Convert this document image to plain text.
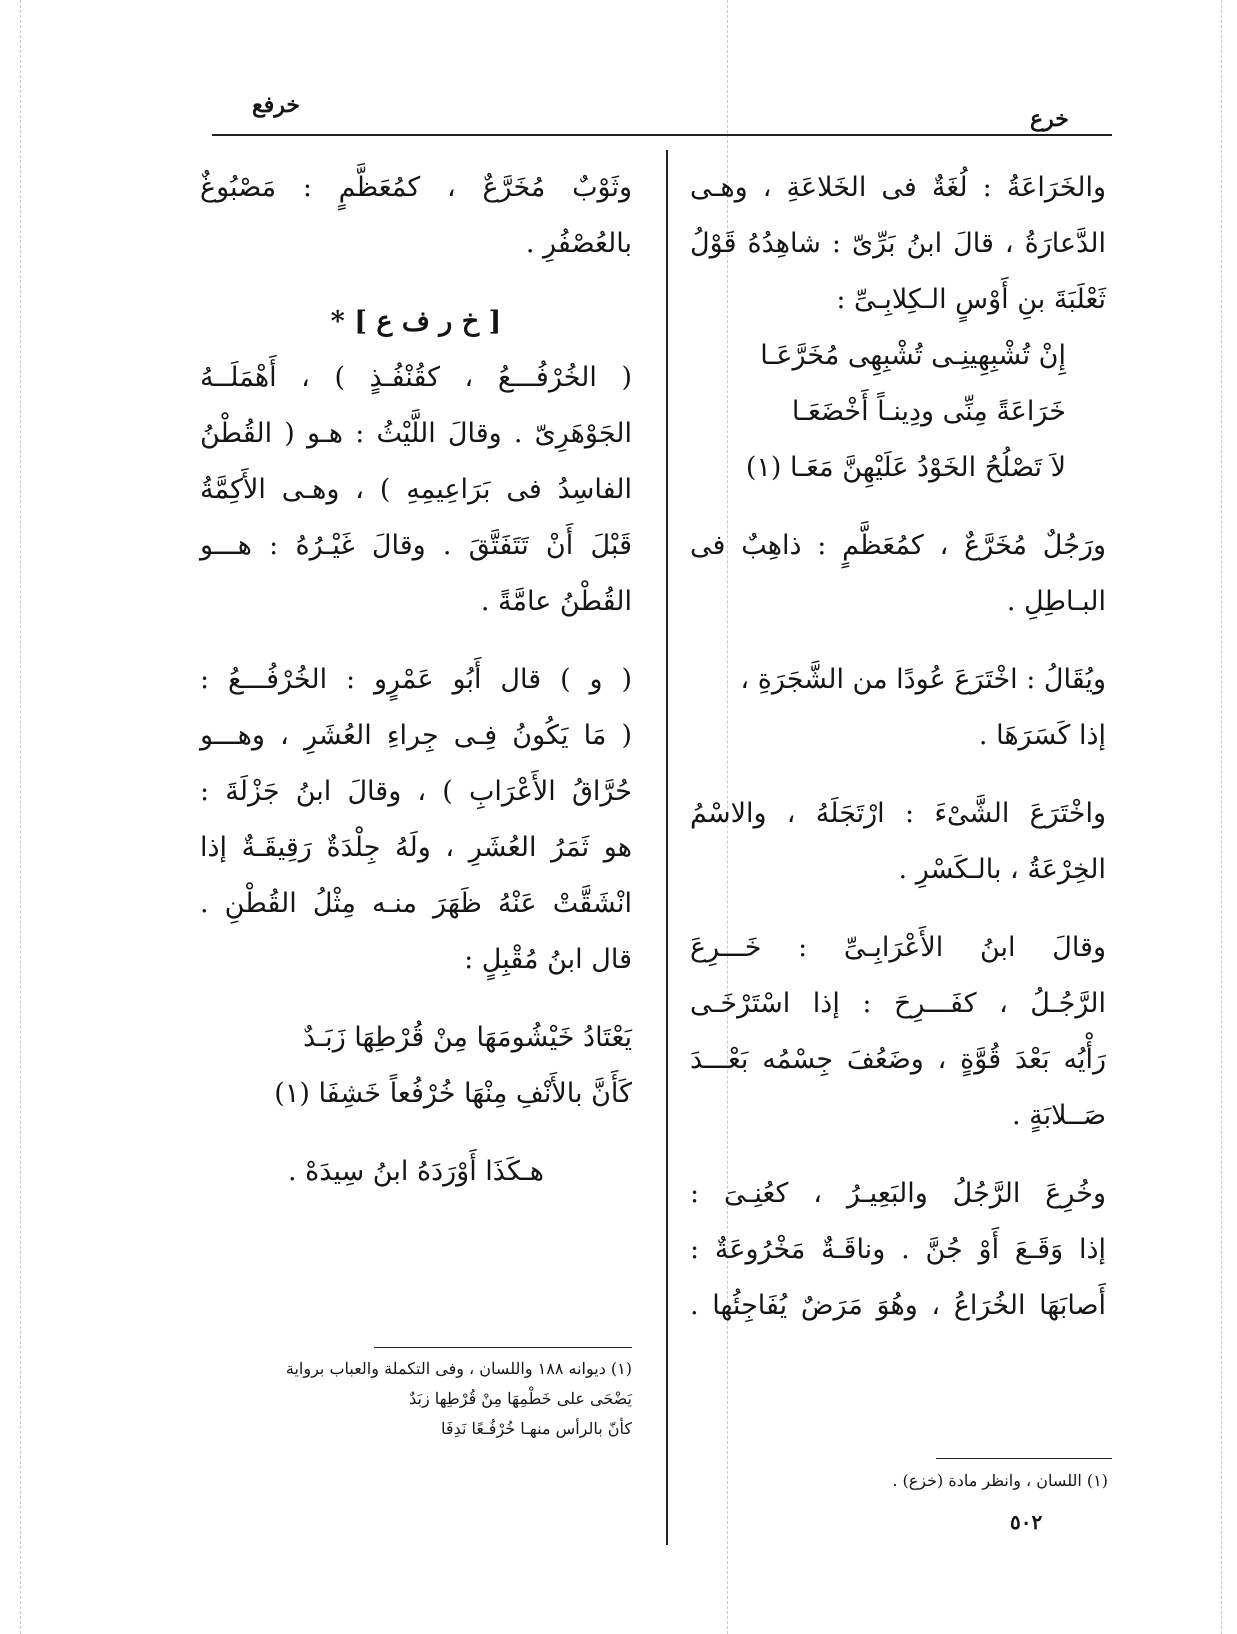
خرفع
خرع
والخَرَاعَةُ : لُغَةٌ فى الخَلاعَةِ ، وهـى
الدَّعارَةُ ، قالَ ابنُ بَرِّىّ : شاهِدُهُ قَوْلُ
ثَعْلَبَةَ بنِ أَوْسٍ الـكِلابِـىِّ :
إِنْ تُشْبِهِينِـى تُشْبِهِى مُخَرَّعَـا
خَرَاعَةً مِنِّى ودِينـاً أَخْضَعَـا
لاَ تَصْلُحُ الخَوْدُ عَلَيْهِنَّ مَعَـا (١)
ورَجُلٌ مُخَرَّعٌ ، كمُعَظَّمٍ : ذاهِبٌ فى
البـاطِلِ .
ويُقَالُ : اخْتَرَعَ عُودًا من الشَّجَرَةِ ،
إذا كَسَرَهَا .
واخْتَرَعَ الشَّىْءَ : ارْتَجَلَهُ ، والاسْمُ
الخِرْعَةُ ، بالـكَسْرِ .
وقالَ ابنُ الأَعْرَابِـىِّ : خَـــرِعَ
الرَّجُـلُ ، كفَـــرِحَ : إذا اسْتَرْخَـى
رَأْيُه بَعْدَ قُوَّةٍ ، وضَعُفَ جِسْمُه بَعْـــدَ
صَــلابَةٍ .
وخُرِعَ الرَّجُلُ والبَعِيـرُ ، كعُنِـىَ :
إذا وَقَـعَ أَوْ جُنَّ . وناقَـةٌ مَخْرُوعَةٌ :
أَصابَهَا الخُرَاعُ ، وهُوَ مَرَضٌ يُفَاجِئُها .
وثَوْبٌ مُخَرَّعٌ ، كمُعَظَّمٍ : مَصْبُوغٌ
بالعُصْفُرِ .
[ خ ر ف ع ] *
( الخُرْفُـــعُ ، كقُنْفُـذٍ ) ، أَهْمَلَــهُ
الجَوْهَرِىّ . وقالَ اللَّيْثُ : هـو ( القُطْنُ
الفاسِدُ فى بَرَاعِيمِهِ ) ، وهـى الأَكِمَّةُ
قَبْلَ أَنْ تَتَفَتَّقَ . وقالَ غَيْـرُهُ : هـــو
القُطْنُ عامَّةً .
( و ) قال أَبُو عَمْرٍو : الخُرْفُـــعُ :
( مَا يَكُونُ فِـى جِراءِ العُشَرِ ، وهـــو
حُرَّاقُ الأَعْرَابِ ) ، وقالَ ابنُ جَزْلَةَ :
هو ثَمَرُ العُشَرِ ، ولَهُ جِلْدَةٌ رَقِيقَـةٌ إذا
انْشَقَّتْ عَنْهُ ظَهَرَ منـه مِثْلُ القُطْنِ .
قال ابنُ مُقْبِلٍ :
يَعْتَادُ خَيْشُومَهَا مِنْ قُرْطِهَا زَبَـدٌ
كَأَنَّ بالأَنْفِ مِنْهَا خُرْفُعاً خَشِفَا (١)
هـكَذَا أَوْرَدَهُ ابنُ سِيدَهْ .
(١) ديوانه ١٨٨ واللسان ، وفى التكملة والعباب برواية
يَضْحَى على خَطْمِهَا مِنْ قُرْطِها زبَدٌ
كأنّ بالرأس منهـا خُرْفُـعًا نَدِفَا
(١) اللسان ، وانظر مادة (خزع) .
٥٠٢
